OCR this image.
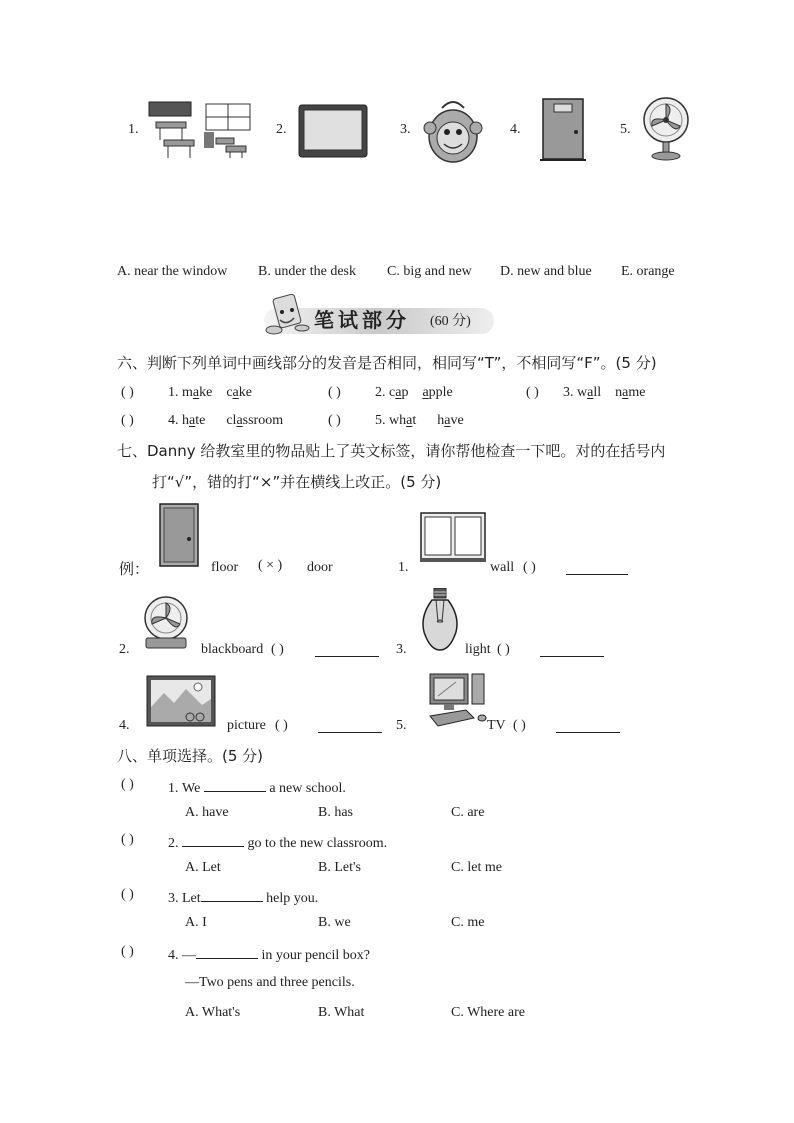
1.	2.	3.	4.	5.
A. near the window B. under the desk C. big and new D. new and blue E. orange
笔试部分 (60 分)
六、判断下列单词中画线部分的发音是否相同，相同写“T”，不相同写“F”。(5 分)
( ) 1. make cake	( ) 2. cap apple	( ) 3. wall name
( ) 4. hate classroom	( ) 5. what have
七、Danny 给教室里的物品贴上了英文标签，请你帮他检查一下吧。对的在括号内
打“√”，错的打“×”并在横线上改正。(5 分)
例：	floor ( × ) door	1.	wall ( )
2.	blackboard ( )	3.	light ( )
4.	picture ( )	5.	TV ( )
八、单项选择。(5 分)
( ) 1. We	a new school.
A. have	B. has	C. are
( ) 2.	go to the new classroom.
A. Let	B. Let's	C. let me
( ) 3. Let	help you.
A. I	B. we	C. me
( ) 4. —	in your pencil box?
—Two pens and three pencils.
A. What's	B. What	C. Where are
